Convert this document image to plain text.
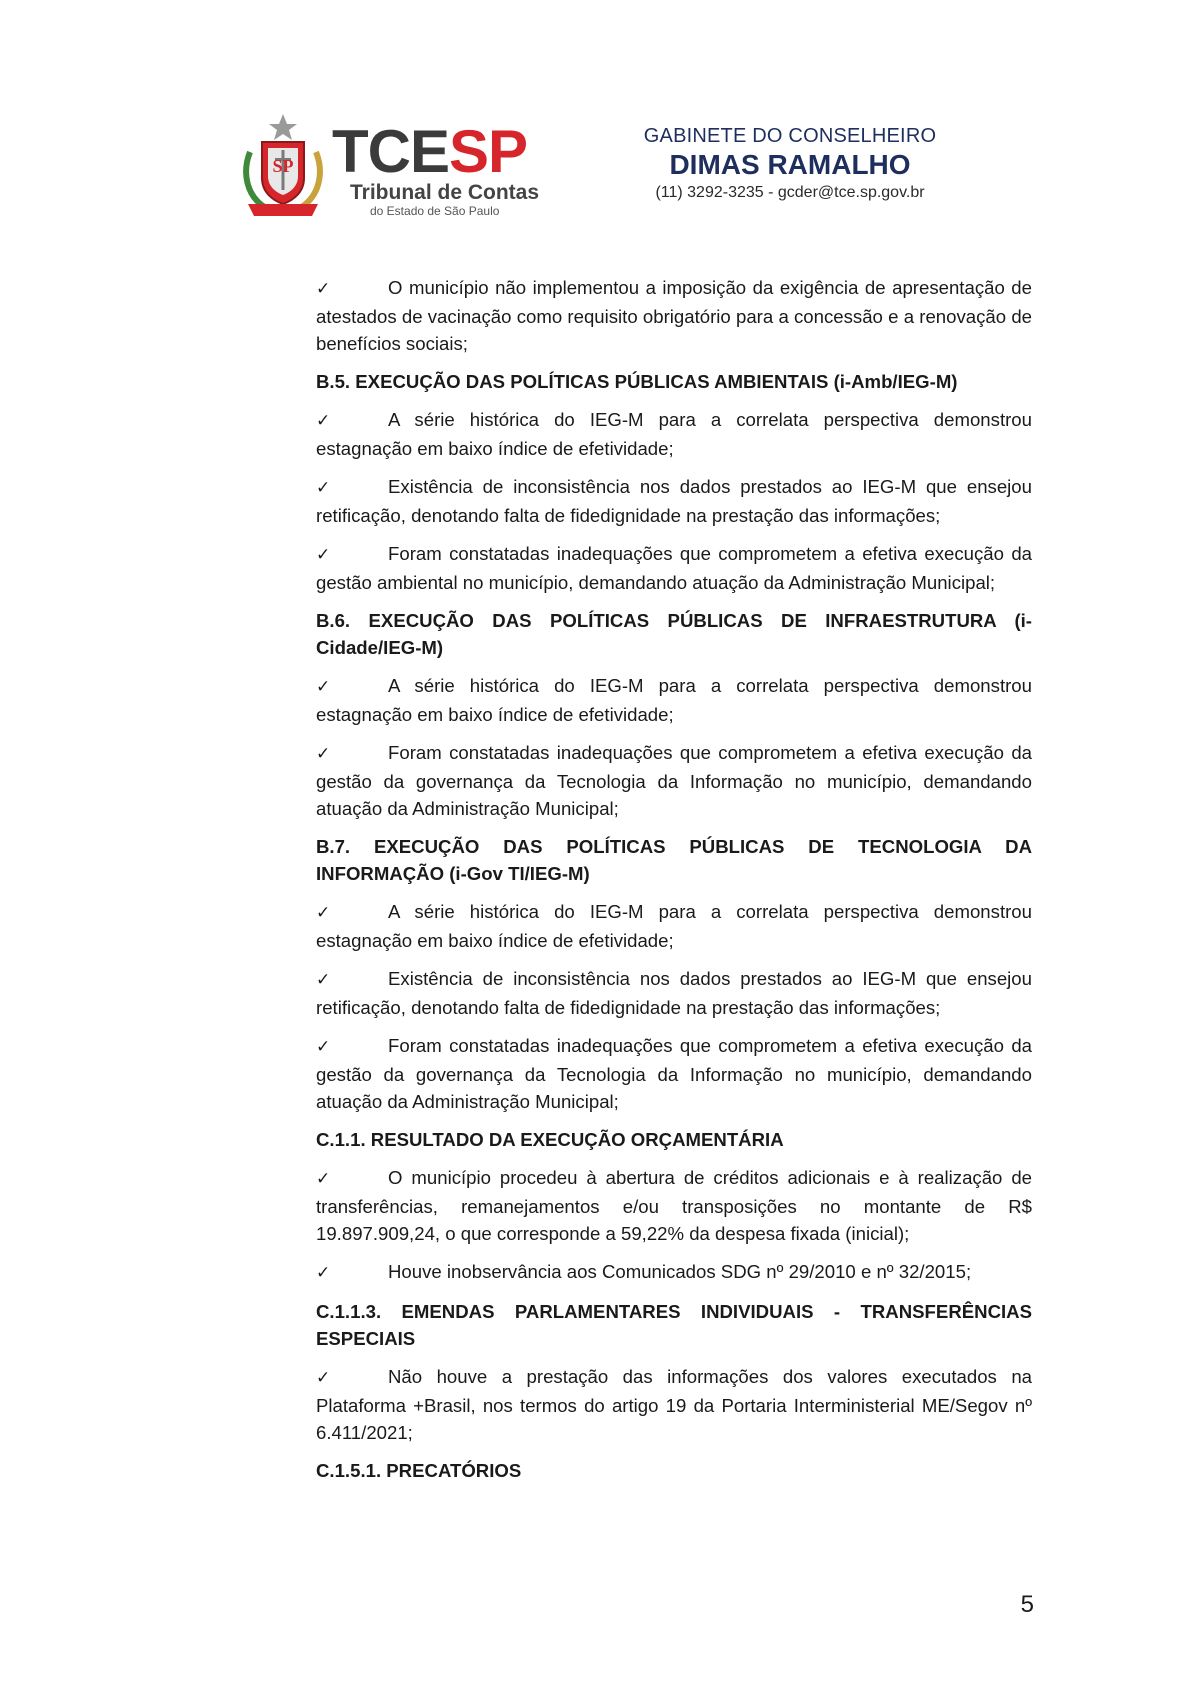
SP TCESP
Tribunal de Contas
do Estado de São Paulo
GABINETE DO CONSELHEIRO
DIMAS RAMALHO
(11) 3292-3235 - gcder@tce.sp.gov.br
✓	O município não implementou a imposição da exigência de apresentação de atestados de vacinação como requisito obrigatório para a concessão e a renovação de benefícios sociais;
B.5. EXECUÇÃO DAS POLÍTICAS PÚBLICAS AMBIENTAIS (i-Amb/IEG-M)
✓	A série histórica do IEG-M para a correlata perspectiva demonstrou estagnação em baixo índice de efetividade;
✓	Existência de inconsistência nos dados prestados ao IEG-M que ensejou retificação, denotando falta de fidedignidade na prestação das informações;
✓	Foram constatadas inadequações que comprometem a efetiva execução da gestão ambiental no município, demandando atuação da Administração Municipal;
B.6. EXECUÇÃO DAS POLÍTICAS PÚBLICAS DE INFRAESTRUTURA (i-Cidade/IEG-M)
✓	A série histórica do IEG-M para a correlata perspectiva demonstrou estagnação em baixo índice de efetividade;
✓	Foram constatadas inadequações que comprometem a efetiva execução da gestão da governança da Tecnologia da Informação no município, demandando atuação da Administração Municipal;
B.7. EXECUÇÃO DAS POLÍTICAS PÚBLICAS DE TECNOLOGIA DA INFORMAÇÃO (i-Gov TI/IEG-M)
✓	A série histórica do IEG-M para a correlata perspectiva demonstrou estagnação em baixo índice de efetividade;
✓	Existência de inconsistência nos dados prestados ao IEG-M que ensejou retificação, denotando falta de fidedignidade na prestação das informações;
✓	Foram constatadas inadequações que comprometem a efetiva execução da gestão da governança da Tecnologia da Informação no município, demandando atuação da Administração Municipal;
C.1.1. RESULTADO DA EXECUÇÃO ORÇAMENTÁRIA
✓	O município procedeu à abertura de créditos adicionais e à realização de transferências, remanejamentos e/ou transposições no montante de R$ 19.897.909,24, o que corresponde a 59,22% da despesa fixada (inicial);
✓	Houve inobservância aos Comunicados SDG nº 29/2010 e nº 32/2015;
C.1.1.3. EMENDAS PARLAMENTARES INDIVIDUAIS - TRANSFERÊNCIAS ESPECIAIS
✓	Não houve a prestação das informações dos valores executados na Plataforma +Brasil, nos termos do artigo 19 da Portaria Interministerial ME/Segov nº 6.411/2021;
C.1.5.1. PRECATÓRIOS
5
